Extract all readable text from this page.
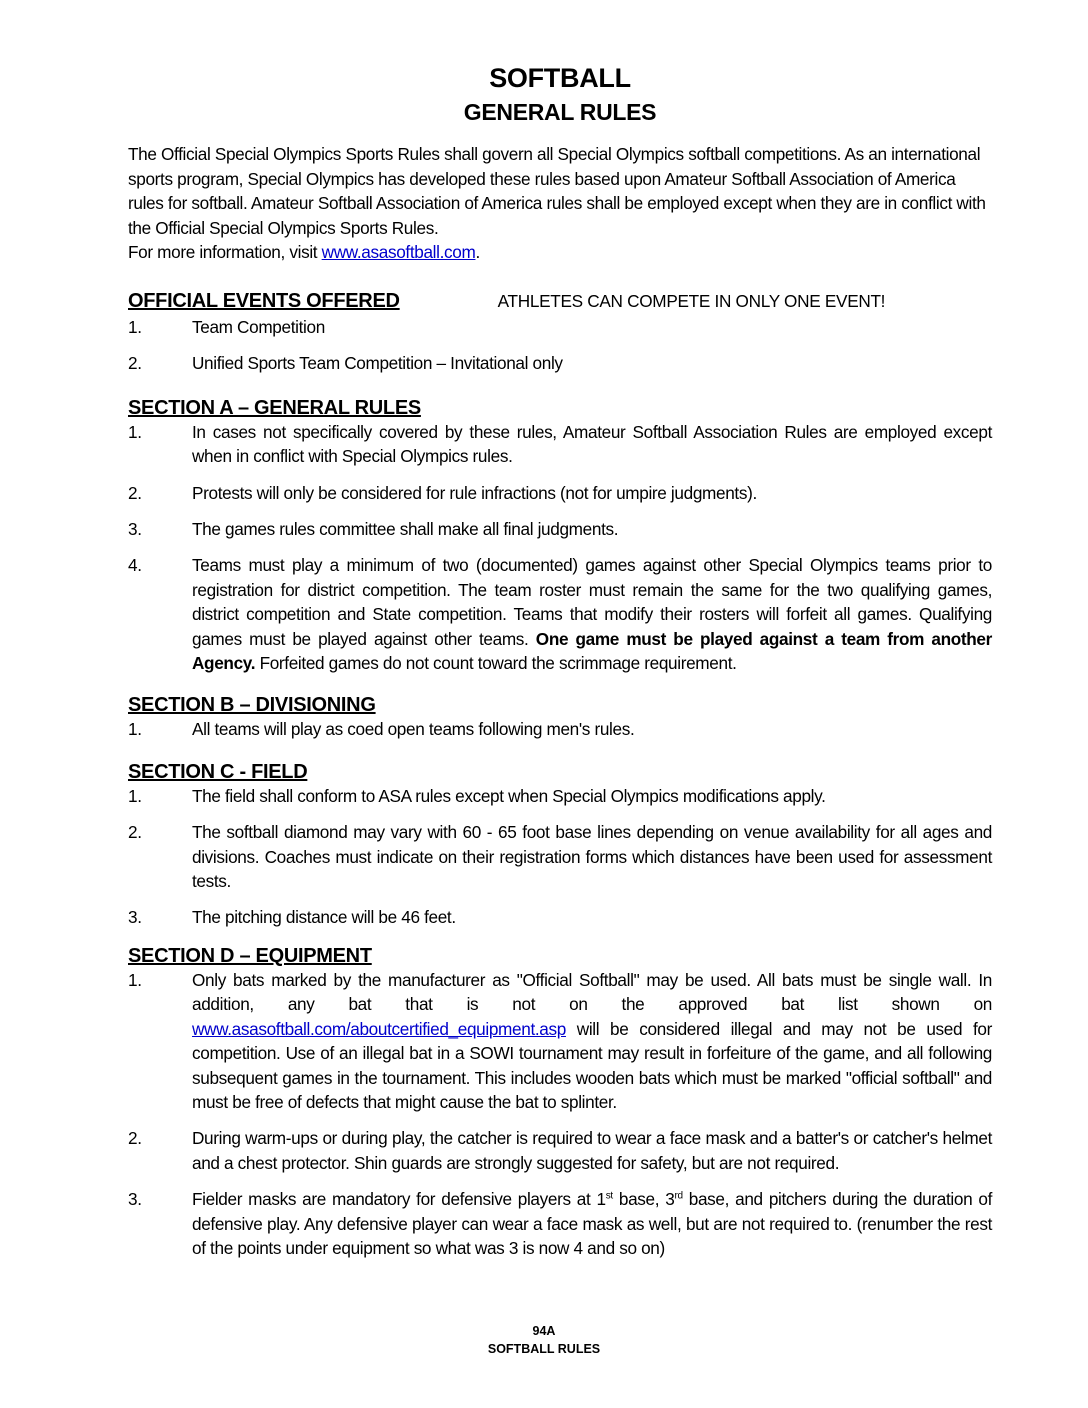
SOFTBALL
GENERAL RULES
The Official Special Olympics Sports Rules shall govern all Special Olympics softball competitions. As an international sports program, Special Olympics has developed these rules based upon Amateur Softball Association of America rules for softball. Amateur Softball Association of America rules shall be employed except when they are in conflict with the Official Special Olympics Sports Rules.
For more information, visit www.asasoftball.com.
OFFICIAL EVENTS OFFERED	ATHLETES CAN COMPETE IN ONLY ONE EVENT!
1.	Team Competition
2.	Unified Sports Team Competition – Invitational only
SECTION A – GENERAL RULES
1.	In cases not specifically covered by these rules, Amateur Softball Association Rules are employed except when in conflict with Special Olympics rules.
2.	Protests will only be considered for rule infractions (not for umpire judgments).
3.	The games rules committee shall make all final judgments.
4.	Teams must play a minimum of two (documented) games against other Special Olympics teams prior to registration for district competition. The team roster must remain the same for the two qualifying games, district competition and State competition. Teams that modify their rosters will forfeit all games. Qualifying games must be played against other teams. One game must be played against a team from another Agency. Forfeited games do not count toward the scrimmage requirement.
SECTION B – DIVISIONING
1.	All teams will play as coed open teams following men's rules.
SECTION C - FIELD
1.	The field shall conform to ASA rules except when Special Olympics modifications apply.
2.	The softball diamond may vary with 60 - 65 foot base lines depending on venue availability for all ages and divisions. Coaches must indicate on their registration forms which distances have been used for assessment tests.
3.	The pitching distance will be 46 feet.
SECTION D – EQUIPMENT
1.	Only bats marked by the manufacturer as "Official Softball" may be used. All bats must be single wall. In addition, any bat that is not on the approved bat list shown on www.asasoftball.com/aboutcertified_equipment.asp will be considered illegal and may not be used for competition. Use of an illegal bat in a SOWI tournament may result in forfeiture of the game, and all following subsequent games in the tournament. This includes wooden bats which must be marked "official softball" and must be free of defects that might cause the bat to splinter.
2.	During warm-ups or during play, the catcher is required to wear a face mask and a batter's or catcher's helmet and a chest protector. Shin guards are strongly suggested for safety, but are not required.
3.	Fielder masks are mandatory for defensive players at 1st base, 3rd base, and pitchers during the duration of defensive play. Any defensive player can wear a face mask as well, but are not required to. (renumber the rest of the points under equipment so what was 3 is now 4 and so on)
94A
SOFTBALL RULES
